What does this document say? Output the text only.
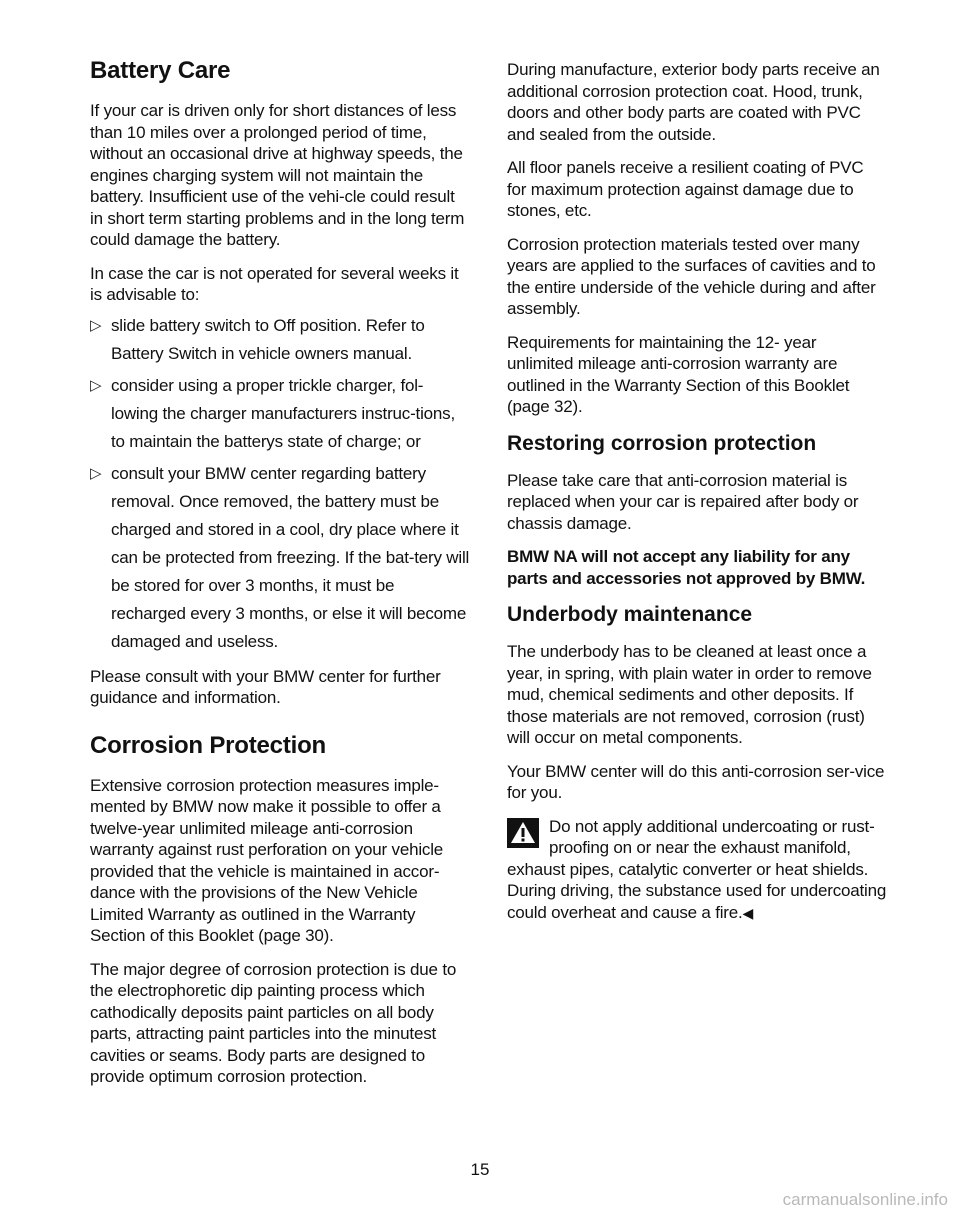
Battery Care

If your car is driven only for short distances of less than 10 miles over a prolonged period of time, without an occasional drive at highway speeds, the engines charging system will not maintain the battery. Insufficient use of the vehi-cle could result in short term starting problems and in the long term could damage the battery.

In case the car is not operated for several weeks it is advisable to:

▷ slide battery switch to Off position. Refer to Battery Switch in vehicle owners manual.
▷ consider using a proper trickle charger, fol-lowing the charger manufacturers instruc-tions, to maintain the batterys state of charge; or
▷ consult your BMW center regarding battery removal. Once removed, the battery must be charged and stored in a cool, dry place where it can be protected from freezing. If the bat-tery will be stored for over 3 months, it must be recharged every 3 months, or else it will become damaged and useless.

Please consult with your BMW center for further guidance and information.

Corrosion Protection

Extensive corrosion protection measures imple-mented by BMW now make it possible to offer a twelve-year unlimited mileage anti-corrosion warranty against rust perforation on your vehicle provided that the vehicle is maintained in accor-dance with the provisions of the New Vehicle Limited Warranty as outlined in the Warranty Section of this Booklet (page 30).

The major degree of corrosion protection is due to the electrophoretic dip painting process which cathodically deposits paint particles on all body parts, attracting paint particles into the minutest cavities or seams. Body parts are designed to provide optimum corrosion protection.

During manufacture, exterior body parts receive an additional corrosion protection coat. Hood, trunk, doors and other body parts are coated with PVC and sealed from the outside.

All floor panels receive a resilient coating of PVC for maximum protection against damage due to stones, etc.

Corrosion protection materials tested over many years are applied to the surfaces of cavities and to the entire underside of the vehicle during and after assembly.

Requirements for maintaining the 12- year unlimited mileage anti-corrosion warranty are outlined in the Warranty Section of this Booklet (page 32).

Restoring corrosion protection

Please take care that anti-corrosion material is replaced when your car is repaired after body or chassis damage.

BMW NA will not accept any liability for any parts and accessories not approved by BMW.

Underbody maintenance

The underbody has to be cleaned at least once a year, in spring, with plain water in order to remove mud, chemical sediments and other deposits. If those materials are not removed, corrosion (rust) will occur on metal components.

Your BMW center will do this anti-corrosion ser-vice for you.

Do not apply additional undercoating or rust-proofing on or near the exhaust manifold, exhaust pipes, catalytic converter or heat shields. During driving, the substance used for undercoating could overheat and cause a fire.◀

15
carmanualsonline.info
